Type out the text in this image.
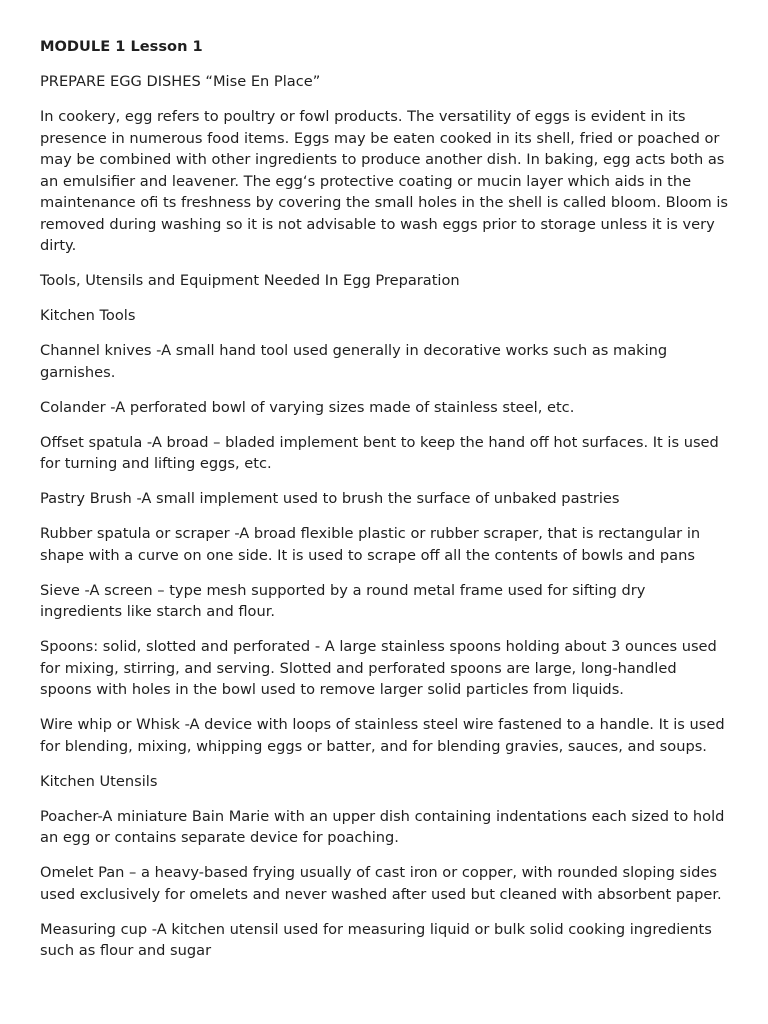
MODULE 1 Lesson 1

PREPARE EGG DISHES “Mise En Place”

In cookery, egg refers to poultry or fowl products. The versatility of eggs is evident in its presence in numerous food items. Eggs may be eaten cooked in its shell, fried or poached or may be combined with other ingredients to produce another dish. In baking, egg acts both as an emulsifier and leavener. The egg‘s protective coating or mucin layer which aids in the maintenance ofi ts freshness by covering the small holes in the shell is called bloom. Bloom is removed during washing so it is not advisable to wash eggs prior to storage unless it is very dirty.

Tools, Utensils and Equipment Needed In Egg Preparation

Kitchen Tools

Channel knives -A small hand tool used generally in decorative works such as making garnishes.

Colander -A perforated bowl of varying sizes made of stainless steel, etc.

Offset spatula -A broad – bladed implement bent to keep the hand off hot surfaces. It is used for turning and lifting eggs, etc.

Pastry Brush -A small implement used to brush the surface of unbaked pastries

Rubber spatula or scraper -A broad flexible plastic or rubber scraper, that is rectangular in shape with a curve on one side. It is used to scrape off all the contents of bowls and pans

Sieve -A screen – type mesh supported by a round metal frame used for sifting dry ingredients like starch and flour.

Spoons: solid, slotted and perforated - A large stainless spoons holding about 3 ounces used for mixing, stirring, and serving. Slotted and perforated spoons are large, long-handled spoons with holes in the bowl used to remove larger solid particles from liquids.

Wire whip or Whisk -A device with loops of stainless steel wire fastened to a handle. It is used for blending, mixing, whipping eggs or batter, and for blending gravies, sauces, and soups.

Kitchen Utensils

Poacher-A miniature Bain Marie with an upper dish containing indentations each sized to hold an egg or contains separate device for poaching.

Omelet Pan – a heavy-based frying usually of cast iron or copper, with rounded sloping sides used exclusively for omelets and never washed after used but cleaned with absorbent paper.

Measuring cup -A kitchen utensil used for measuring liquid or bulk solid cooking ingredients such as flour and sugar
